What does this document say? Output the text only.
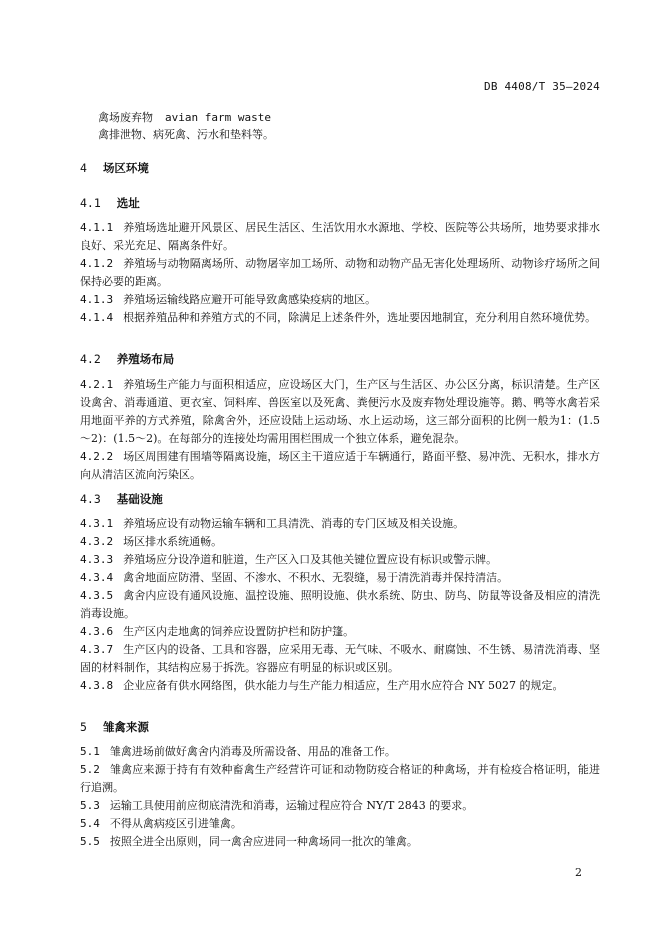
DB 4408/T 35—2024
禽场废弃物 avian farm waste
禽排泄物、病死禽、污水和垫料等。
4 场区环境
4.1 选址
4.1.1 养殖场选址避开风景区、居民生活区、生活饮用水水源地、学校、医院等公共场所，地势要求排水良好、采光充足、隔离条件好。
4.1.2 养殖场与动物隔离场所、动物屠宰加工场所、动物和动物产品无害化处理场所、动物诊疗场所之间保持必要的距离。
4.1.3 养殖场运输线路应避开可能导致禽感染疫病的地区。
4.1.4 根据养殖品种和养殖方式的不同，除满足上述条件外，选址要因地制宜，充分利用自然环境优势。
4.2 养殖场布局
4.2.1 养殖场生产能力与面积相适应，应设场区大门，生产区与生活区、办公区分离，标识清楚。生产区设禽舍、消毒通道、更衣室、饲料库、兽医室以及死禽、粪便污水及废弃物处理设施等。鹅、鸭等水禽若采用地面平养的方式养殖，除禽舍外，还应设陆上运动场、水上运动场，这三部分面积的比例一般为1：(1.5～2)：(1.5～2)。在每部分的连接处均需用围栏围成一个独立体系，避免混杂。
4.2.2 场区周围建有围墙等隔离设施，场区主干道应适于车辆通行，路面平整、易冲洗、无积水，排水方向从清洁区流向污染区。
4.3 基础设施
4.3.1 养殖场应设有动物运输车辆和工具清洗、消毒的专门区域及相关设施。
4.3.2 场区排水系统通畅。
4.3.3 养殖场应分设净道和脏道，生产区入口及其他关键位置应设有标识或警示牌。
4.3.4 禽舍地面应防滑、坚固、不渗水、不积水、无裂缝，易于清洗消毒并保持清洁。
4.3.5 禽舍内应设有通风设施、温控设施、照明设施、供水系统、防虫、防鸟、防鼠等设备及相应的清洗消毒设施。
4.3.6 生产区内走地禽的饲养应设置防护栏和防护篷。
4.3.7 生产区内的设备、工具和容器，应采用无毒、无气味、不吸水、耐腐蚀、不生锈、易清洗消毒、坚固的材料制作，其结构应易于拆洗。容器应有明显的标识或区别。
4.3.8 企业应备有供水网络图，供水能力与生产能力相适应，生产用水应符合 NY 5027 的规定。
5 雏禽来源
5.1 雏禽进场前做好禽舍内消毒及所需设备、用品的准备工作。
5.2 雏禽应来源于持有有效种畜禽生产经营许可证和动物防疫合格证的种禽场，并有检疫合格证明，能进行追溯。
5.3 运输工具使用前应彻底清洗和消毒，运输过程应符合 NY/T 2843 的要求。
5.4 不得从禽病疫区引进雏禽。
5.5 按照全进全出原则，同一禽舍应进同一种禽场同一批次的雏禽。
2
